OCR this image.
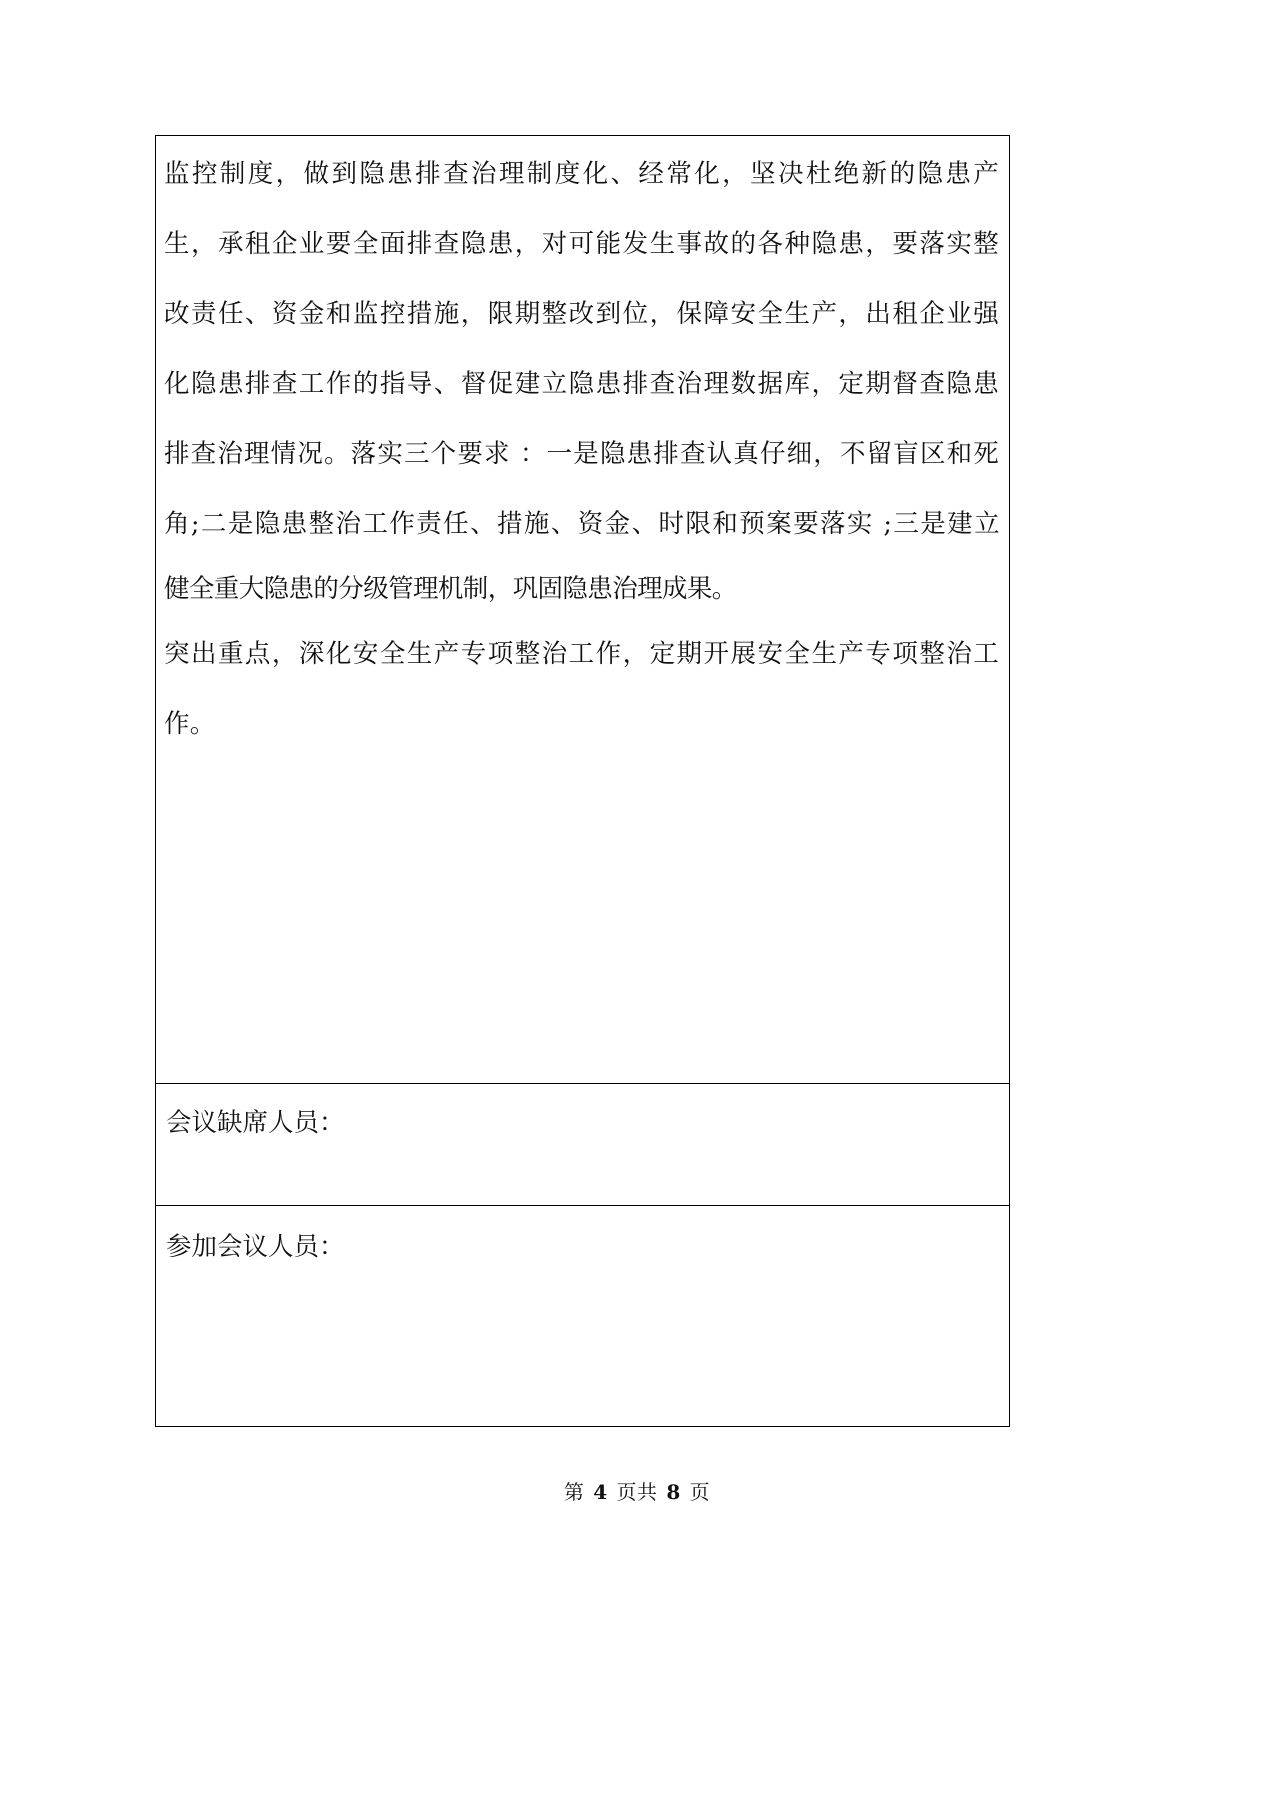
监控制度，做到隐患排查治理制度化、经常化，坚决杜绝新的隐患产
生，承租企业要全面排查隐患，对可能发生事故的各种隐患，要落实整
改责任、资金和监控措施，限期整改到位，保障安全生产，出租企业强
化隐患排查工作的指导、督促建立隐患排查治理数据库，定期督查隐患
排查治理情况。落实三个要求 ：一是隐患排查认真仔细，不留盲区和死
角;二是隐患整治工作责任、措施、资金、时限和预案要落实 ;三是建立
健全重大隐患的分级管理机制，巩固隐患治理成果。
突出重点，深化安全生产专项整治工作，定期开展安全生产专项整治工
作。
会议缺席人员：
参加会议人员：
第 4 页共 8 页
